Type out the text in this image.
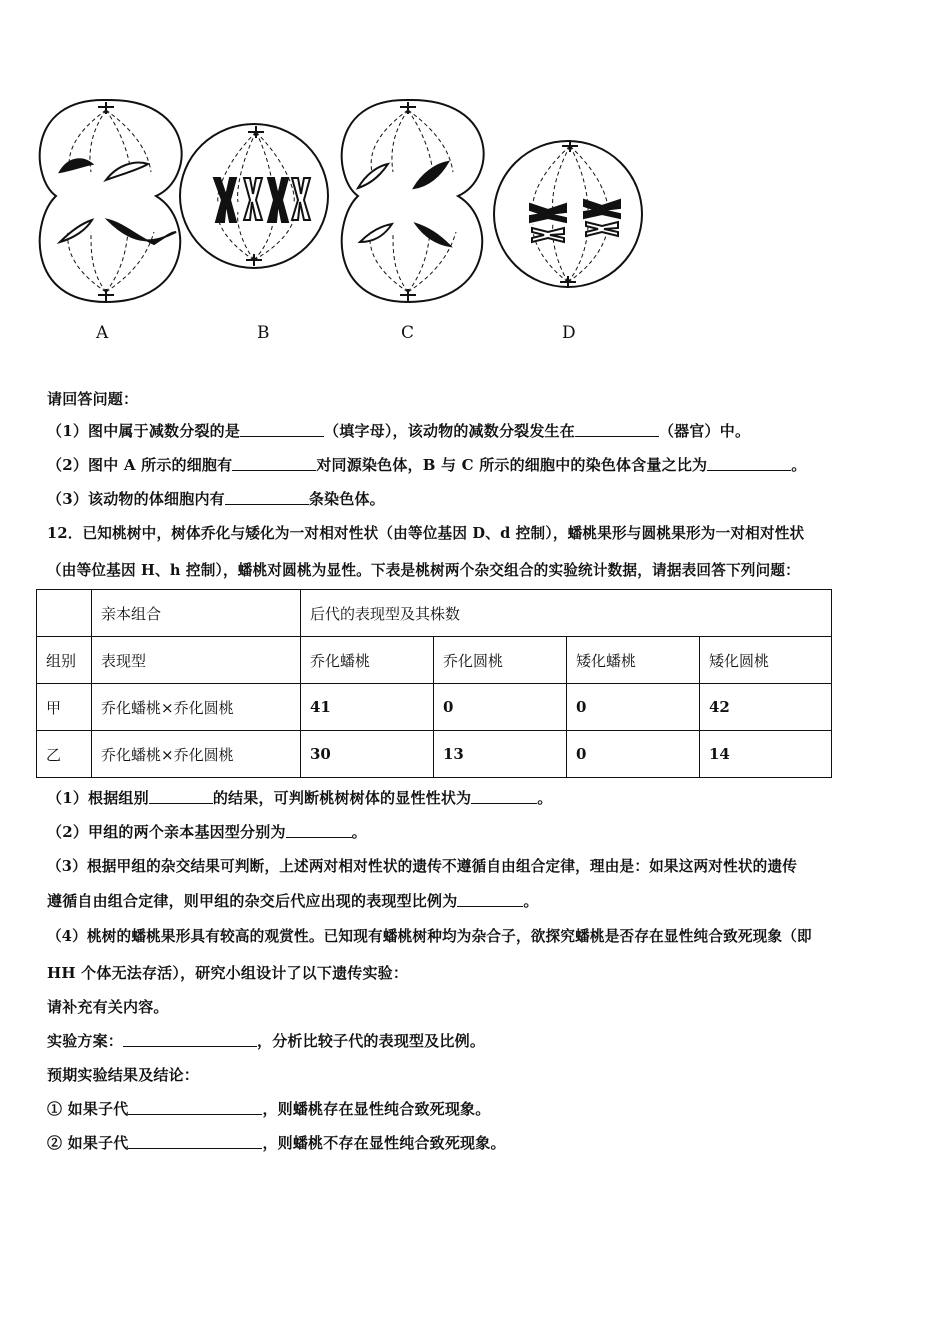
A	B	C	D
请回答问题：
（1）图中属于减数分裂的是	（填字母），该动物的减数分裂发生在	（器官）中。
（2）图中 A 所示的细胞有	对同源染色体，B 与 C 所示的细胞中的染色体含量之比为	。
（3）该动物的体细胞内有	条染色体。
12．已知桃树中，树体乔化与矮化为一对相对性状（由等位基因 D、d 控制），蟠桃果形与圆桃果形为一对相对性状
（由等位基因 H、h 控制），蟠桃对圆桃为显性。下表是桃树两个杂交组合的实验统计数据，请据表回答下列问题：
	亲本组合	后代的表现型及其株数			
组别	表现型	乔化蟠桃	乔化圆桃	矮化蟠桃	矮化圆桃
甲	乔化蟠桃×乔化圆桃	41	0	0	42
乙	乔化蟠桃×乔化圆桃	30	13	0	14
（1）根据组别	的结果，可判断桃树树体的显性性状为	。
（2）甲组的两个亲本基因型分别为	。
（3）根据甲组的杂交结果可判断，上述两对相对性状的遗传不遵循自由组合定律，理由是：如果这两对性状的遗传
遵循自由组合定律，则甲组的杂交后代应出现的表现型比例为	。
（4）桃树的蟠桃果形具有较高的观赏性。已知现有蟠桃树种均为杂合子，欲探究蟠桃是否存在显性纯合致死现象（即
HH 个体无法存活），研究小组设计了以下遗传实验：
请补充有关内容。
实验方案：	，分析比较子代的表现型及比例。
预期实验结果及结论：
① 如果子代	，则蟠桃存在显性纯合致死现象。
② 如果子代	，则蟠桃不存在显性纯合致死现象。
